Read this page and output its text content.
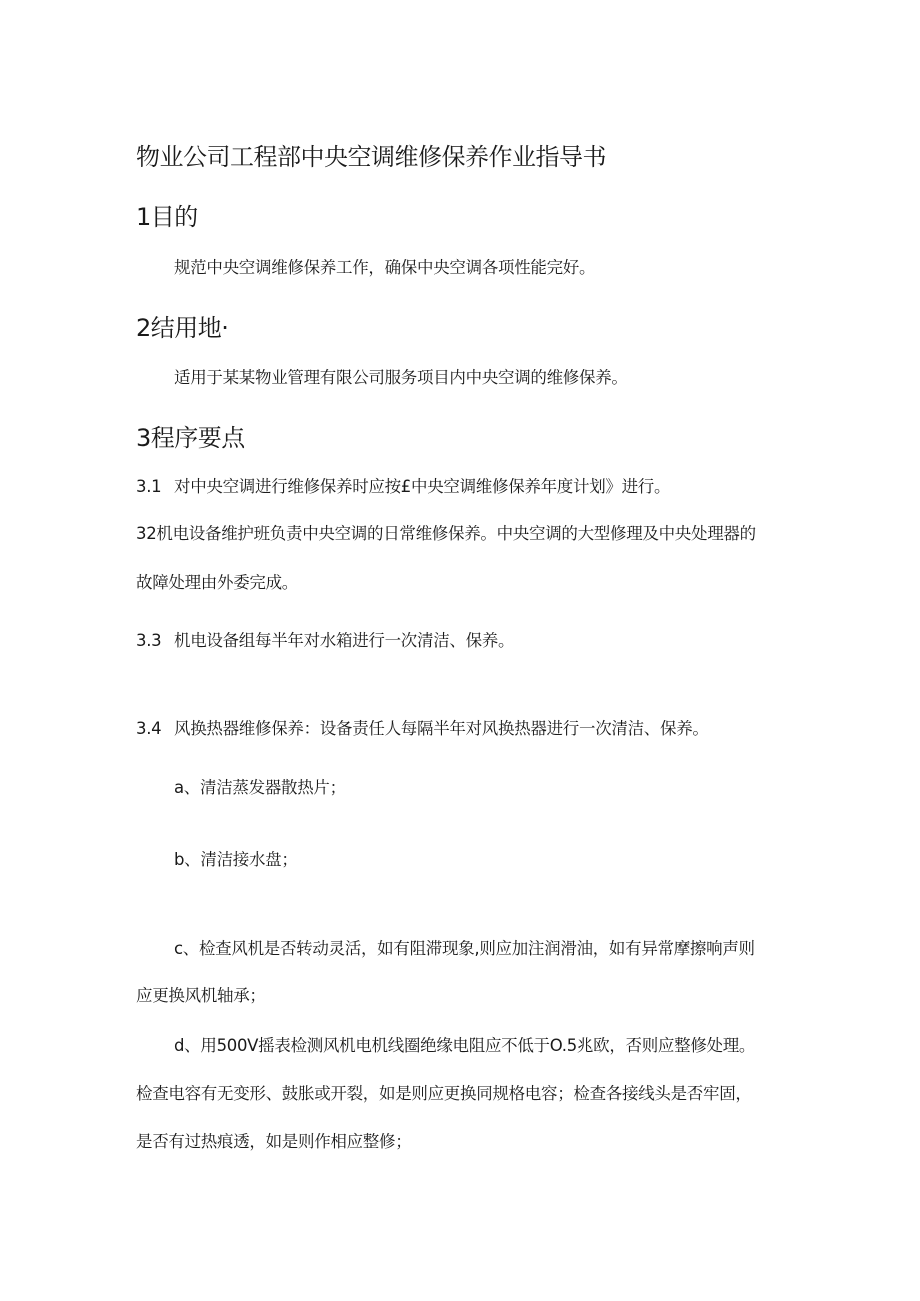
物业公司工程部中央空调维修保养作业指导书
1目的
规范中央空调维修保养工作，确保中央空调各项性能完好。
2结用地·
适用于某某物业管理有限公司服务项目内中央空调的维修保养。
3程序要点
3.1 对中央空调进行维修保养时应按£中央空调维修保养年度计划》进行。
32机电设备维护班负责中央空调的日常维修保养。中央空调的大型修理及中央处理器的
故障处理由外委完成。
3.3 机电设备组每半年对水箱进行一次清洁、保养。
3.4 风换热器维修保养：设备责任人每隔半年对风换热器进行一次清洁、保养。
a、清洁蒸发器散热片；
b、清洁接水盘；
c、检查风机是否转动灵活，如有阻滞现象,则应加注润滑油，如有异常摩擦响声则
应更换风机轴承；
d、用500V摇表检测风机电机线圈绝缘电阻应不低于O.5兆欧，否则应整修处理。
检查电容有无变形、鼓胀或开裂，如是则应更换同规格电容；检查各接线头是否牢固，
是否有过热痕透，如是则作相应整修；
